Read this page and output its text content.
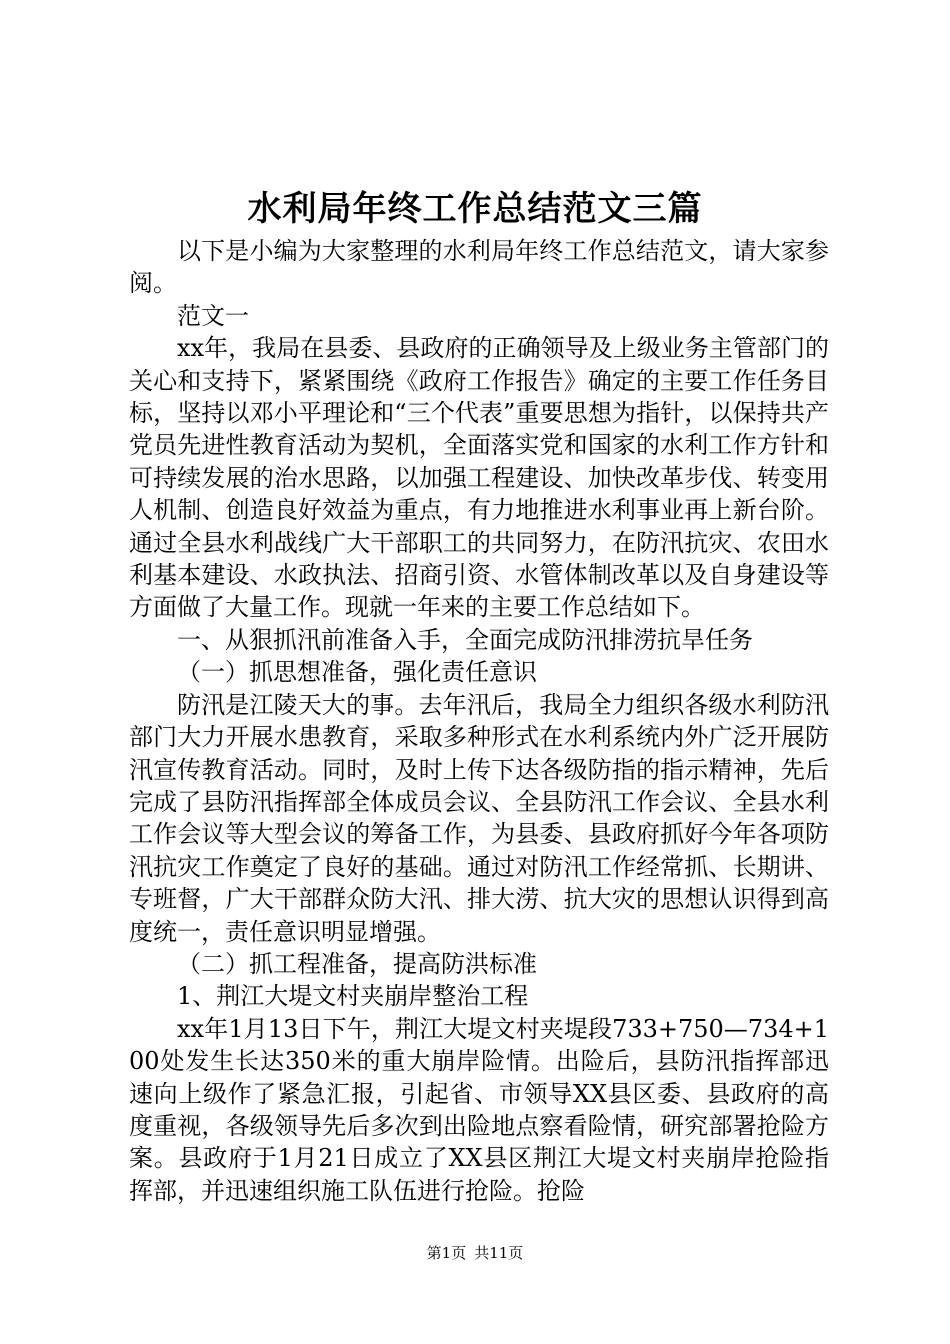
水利局年终工作总结范文三篇

以下是小编为大家整理的水利局年终工作总结范文，请大家参阅。

范文一

xx年，我局在县委、县政府的正确领导及上级业务主管部门的关心和支持下，紧紧围绕《政府工作报告》确定的主要工作任务目标，坚持以邓小平理论和“三个代表”重要思想为指针，以保持共产党员先进性教育活动为契机，全面落实党和国家的水利工作方针和可持续发展的治水思路，以加强工程建设、加快改革步伐、转变用人机制、创造良好效益为重点，有力地推进水利事业再上新台阶。通过全县水利战线广大干部职工的共同努力，在防汛抗灾、农田水利基本建设、水政执法、招商引资、水管体制改革以及自身建设等方面做了大量工作。现就一年来的主要工作总结如下。

一、从狠抓汛前准备入手，全面完成防汛排涝抗旱任务

（一）抓思想准备，强化责任意识

防汛是江陵天大的事。去年汛后，我局全力组织各级水利防汛部门大力开展水患教育，采取多种形式在水利系统内外广泛开展防汛宣传教育活动。同时，及时上传下达各级防指的指示精神，先后完成了县防汛指挥部全体成员会议、全县防汛工作会议、全县水利工作会议等大型会议的筹备工作，为县委、县政府抓好今年各项防汛抗灾工作奠定了良好的基础。通过对防汛工作经常抓、长期讲、专班督，广大干部群众防大汛、排大涝、抗大灾的思想认识得到高度统一，责任意识明显增强。

（二）抓工程准备，提高防洪标准

1、荆江大堤文村夹崩岸整治工程

xx年1月13日下午，荆江大堤文村夹堤段733+750—734+100处发生长达350米的重大崩岸险情。出险后，县防汛指挥部迅速向上级作了紧急汇报，引起省、市领导XX县区委、县政府的高度重视，各级领导先后多次到出险地点察看险情，研究部署抢险方案。县政府于1月21日成立了XX县区荆江大堤文村夹崩岸抢险指挥部，并迅速组织施工队伍进行抢险。抢险

第1页 共11页
